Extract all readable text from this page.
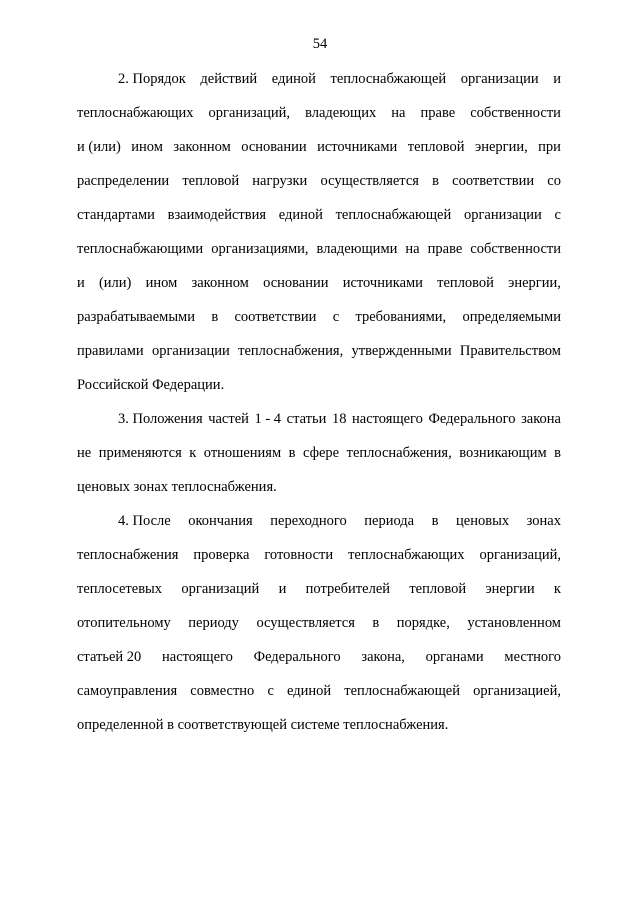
54
2. Порядок действий единой теплоснабжающей организации и
теплоснабжающих организаций, владеющих на праве собственности
и (или) ином законном основании источниками тепловой энергии, при
распределении тепловой нагрузки осуществляется в соответствии со
стандартами взаимодействия единой теплоснабжающей организации с
теплоснабжающими организациями, владеющими на праве собственности
и (или) ином законном основании источниками тепловой энергии,
разрабатываемыми в соответствии с требованиями, определяемыми
правилами организации теплоснабжения, утвержденными Правительством
Российской Федерации.
3. Положения частей 1 - 4 статьи 18 настоящего Федерального закона
не применяются к отношениям в сфере теплоснабжения, возникающим в
ценовых зонах теплоснабжения.
4. После окончания переходного периода в ценовых зонах
теплоснабжения проверка готовности теплоснабжающих организаций,
теплосетевых организаций и потребителей тепловой энергии к
отопительному периоду осуществляется в порядке, установленном
статьей 20 настоящего Федерального закона, органами местного
самоуправления совместно с единой теплоснабжающей организацией,
определенной в соответствующей системе теплоснабжения.
